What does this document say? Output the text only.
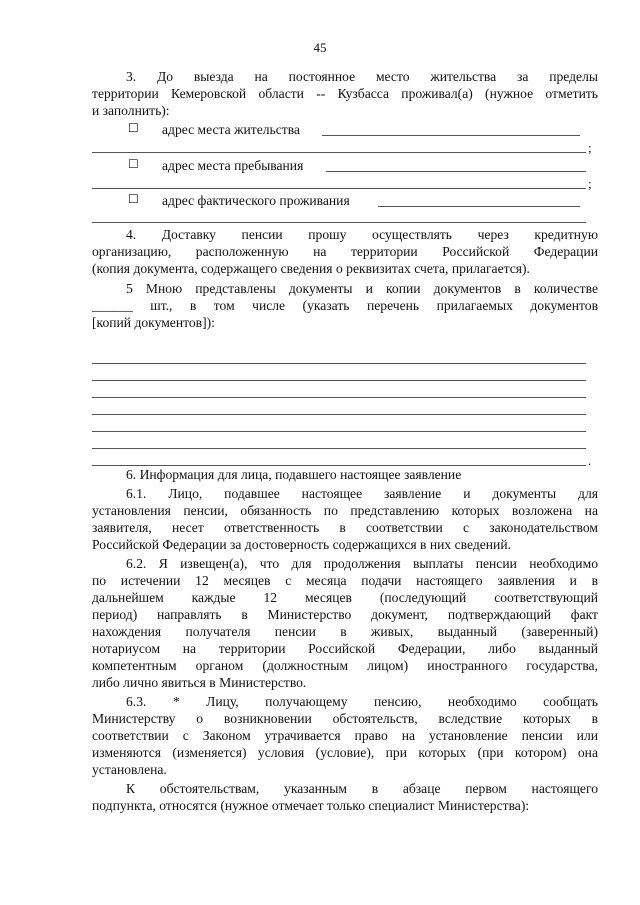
45
3. До выезда на постоянное место жительства за пределы
территории Кемеровской области -- Кузбасса проживал(а) (нужное отметить
и заполнить):
☐ адрес места жительства
;
☐ адрес места пребывания
;
☐ адрес фактического проживания
4. Доставку пенсии прошу осуществлять через кредитную
организацию, расположенную на территории Российской Федерации
(копия документа, содержащего сведения о реквизитах счета, прилагается).
5 Мною представлены документы и копии документов в количестве
______ шт., в том числе (указать перечень прилагаемых документов
[копий документов]):
.
6. Информация для лица, подавшего настоящее заявление
6.1. Лицо, подавшее настоящее заявление и документы для
установления пенсии, обязанность по представлению которых возложена на
заявителя, несет ответственность в соответствии с законодательством
Российской Федерации за достоверность содержащихся в них сведений.
6.2. Я извещен(а), что для продолжения выплаты пенсии необходимо
по истечении 12 месяцев с месяца подачи настоящего заявления и в
дальнейшем каждые 12 месяцев (последующий соответствующий
период) направлять в Министерство документ, подтверждающий факт
нахождения получателя пенсии в живых, выданный (заверенный)
нотариусом на территории Российской Федерации, либо выданный
компетентным органом (должностным лицом) иностранного государства,
либо лично явиться в Министерство.
6.3. * Лицу, получающему пенсию, необходимо сообщать
Министерству о возникновении обстоятельств, вследствие которых в
соответствии с Законом утрачивается право на установление пенсии или
изменяются (изменяется) условия (условие), при которых (при котором) она
установлена.
К обстоятельствам, указанным в абзаце первом настоящего
подпункта, относятся (нужное отмечает только специалист Министерства):
